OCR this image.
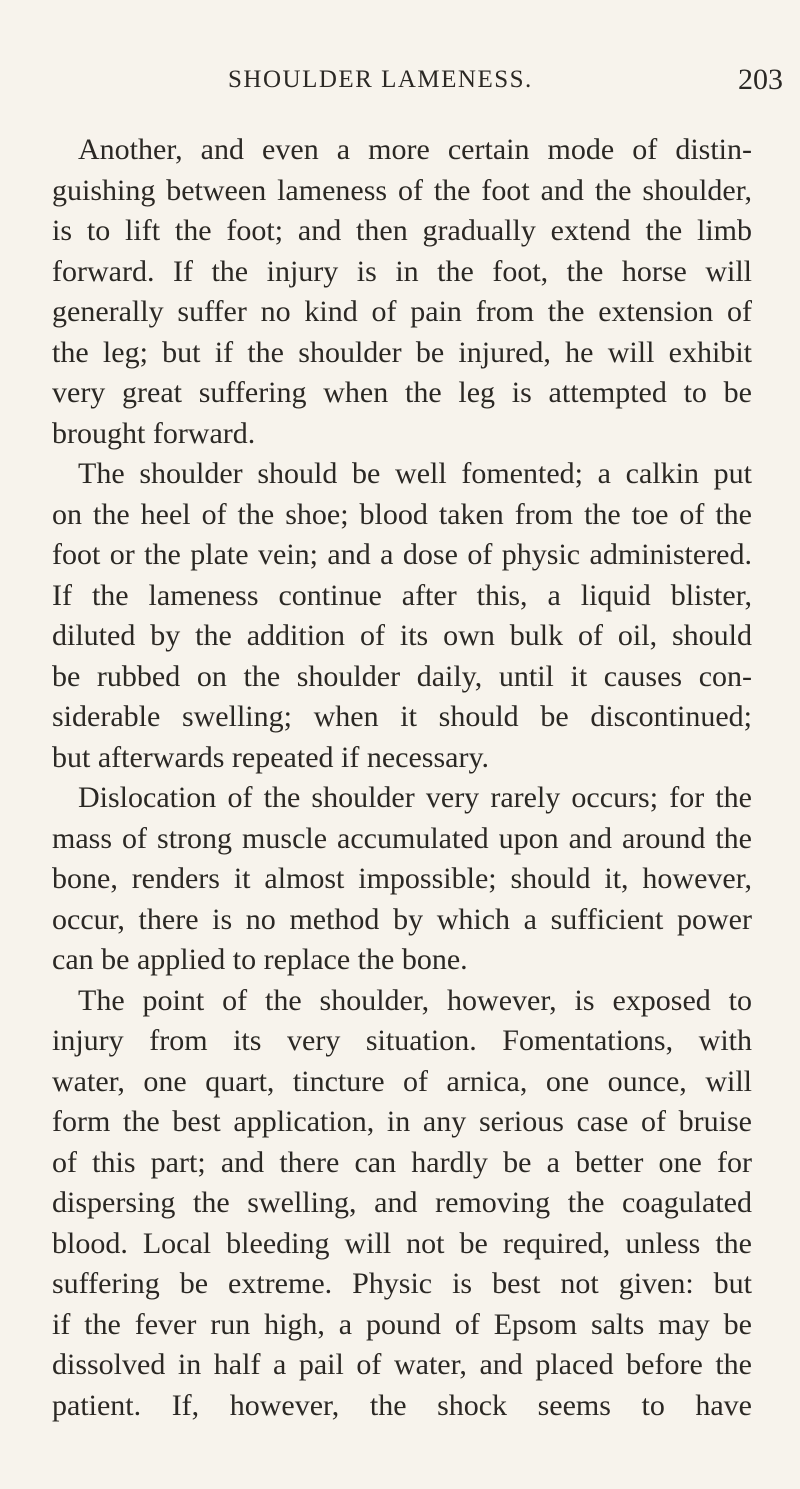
SHOULDER LAMENESS.	203
Another, and even a more certain mode of distin-
guishing between lameness of the foot and the shoulder,
is to lift the foot; and then gradually extend the limb
forward. If the injury is in the foot, the horse will
generally suffer no kind of pain from the extension of
the leg; but if the shoulder be injured, he will exhibit
very great suffering when the leg is attempted to be
brought forward.
The shoulder should be well fomented; a calkin put
on the heel of the shoe; blood taken from the toe of the
foot or the plate vein; and a dose of physic administered.
If the lameness continue after this, a liquid blister,
diluted by the addition of its own bulk of oil, should
be rubbed on the shoulder daily, until it causes con-
siderable swelling; when it should be discontinued;
but afterwards repeated if necessary.
Dislocation of the shoulder very rarely occurs; for the
mass of strong muscle accumulated upon and around the
bone, renders it almost impossible; should it, however,
occur, there is no method by which a sufficient power
can be applied to replace the bone.
The point of the shoulder, however, is exposed to
injury from its very situation. Fomentations, with
water, one quart, tincture of arnica, one ounce, will
form the best application, in any serious case of bruise
of this part; and there can hardly be a better one for
dispersing the swelling, and removing the coagulated
blood. Local bleeding will not be required, unless the
suffering be extreme. Physic is best not given: but
if the fever run high, a pound of Epsom salts may be
dissolved in half a pail of water, and placed before the
patient. If, however, the shock seems to have
